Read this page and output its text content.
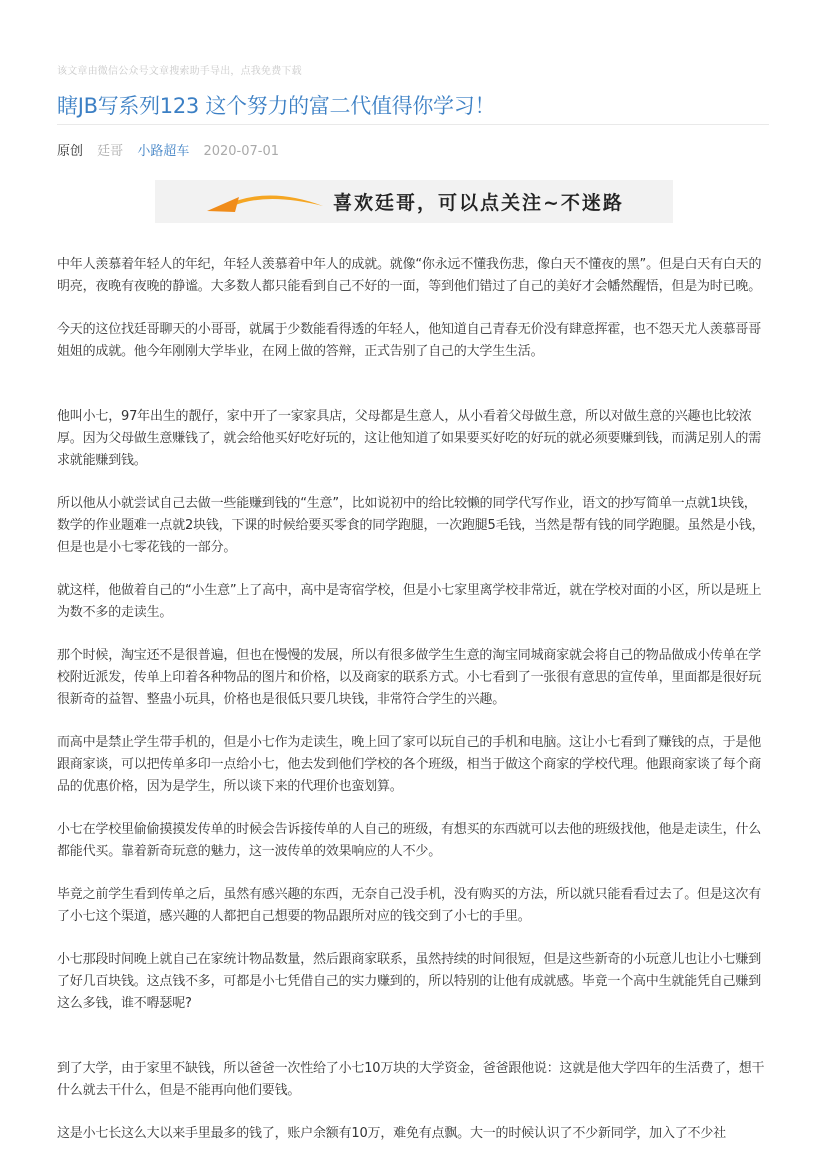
该文章由微信公众号文章搜索助手导出，点我免费下载
瞎JB写系列123 这个努力的富二代值得你学习！
原创 廷哥 小路超车 2020-07-01
喜欢廷哥，可以点关注~不迷路

中年人羡慕着年轻人的年纪，年轻人羡慕着中年人的成就。就像“你永远不懂我伤悲，像白天不懂夜的黑”。但是白天有白天的明亮，夜晚有夜晚的静谧。大多数人都只能看到自己不好的一面，等到他们错过了自己的美好才会幡然醒悟，但是为时已晚。

今天的这位找廷哥聊天的小哥哥，就属于少数能看得透的年轻人，他知道自己青春无价没有肆意挥霍，也不怨天尤人羡慕哥哥姐姐的成就。他今年刚刚大学毕业，在网上做的答辩，正式告别了自己的大学生生活。

他叫小七，97年出生的靓仔，家中开了一家家具店，父母都是生意人，从小看着父母做生意，所以对做生意的兴趣也比较浓厚。因为父母做生意赚钱了，就会给他买好吃好玩的，这让他知道了如果要买好吃的好玩的就必须要赚到钱，而满足别人的需求就能赚到钱。

所以他从小就尝试自己去做一些能赚到钱的“生意”，比如说初中的给比较懒的同学代写作业，语文的抄写简单一点就1块钱，数学的作业题难一点就2块钱，下课的时候给要买零食的同学跑腿，一次跑腿5毛钱，当然是帮有钱的同学跑腿。虽然是小钱，但是也是小七零花钱的一部分。

就这样，他做着自己的“小生意”上了高中，高中是寄宿学校，但是小七家里离学校非常近，就在学校对面的小区，所以是班上为数不多的走读生。

那个时候，淘宝还不是很普遍，但也在慢慢的发展，所以有很多做学生生意的淘宝同城商家就会将自己的物品做成小传单在学校附近派发，传单上印着各种物品的图片和价格，以及商家的联系方式。小七看到了一张很有意思的宣传单，里面都是很好玩很新奇的益智、整蛊小玩具，价格也是很低只要几块钱，非常符合学生的兴趣。

而高中是禁止学生带手机的，但是小七作为走读生，晚上回了家可以玩自己的手机和电脑。这让小七看到了赚钱的点，于是他跟商家谈，可以把传单多印一点给小七，他去发到他们学校的各个班级，相当于做这个商家的学校代理。他跟商家谈了每个商品的优惠价格，因为是学生，所以谈下来的代理价也蛮划算。

小七在学校里偷偷摸摸发传单的时候会告诉接传单的人自己的班级，有想买的东西就可以去他的班级找他，他是走读生，什么都能代买。靠着新奇玩意的魅力，这一波传单的效果响应的人不少。

毕竟之前学生看到传单之后，虽然有感兴趣的东西，无奈自己没手机，没有购买的方法，所以就只能看看过去了。但是这次有了小七这个渠道，感兴趣的人都把自己想要的物品跟所对应的钱交到了小七的手里。

小七那段时间晚上就自己在家统计物品数量，然后跟商家联系，虽然持续的时间很短，但是这些新奇的小玩意儿也让小七赚到了好几百块钱。这点钱不多，可都是小七凭借自己的实力赚到的，所以特别的让他有成就感。毕竟一个高中生就能凭自己赚到这么多钱，谁不嘚瑟呢?

到了大学，由于家里不缺钱，所以爸爸一次性给了小七10万块的大学资金，爸爸跟他说：这就是他大学四年的生活费了，想干什么就去干什么，但是不能再向他们要钱。

这是小七长这么大以来手里最多的钱了，账户余额有10万，难免有点飘。大一的时候认识了不少新同学，加入了不少社
